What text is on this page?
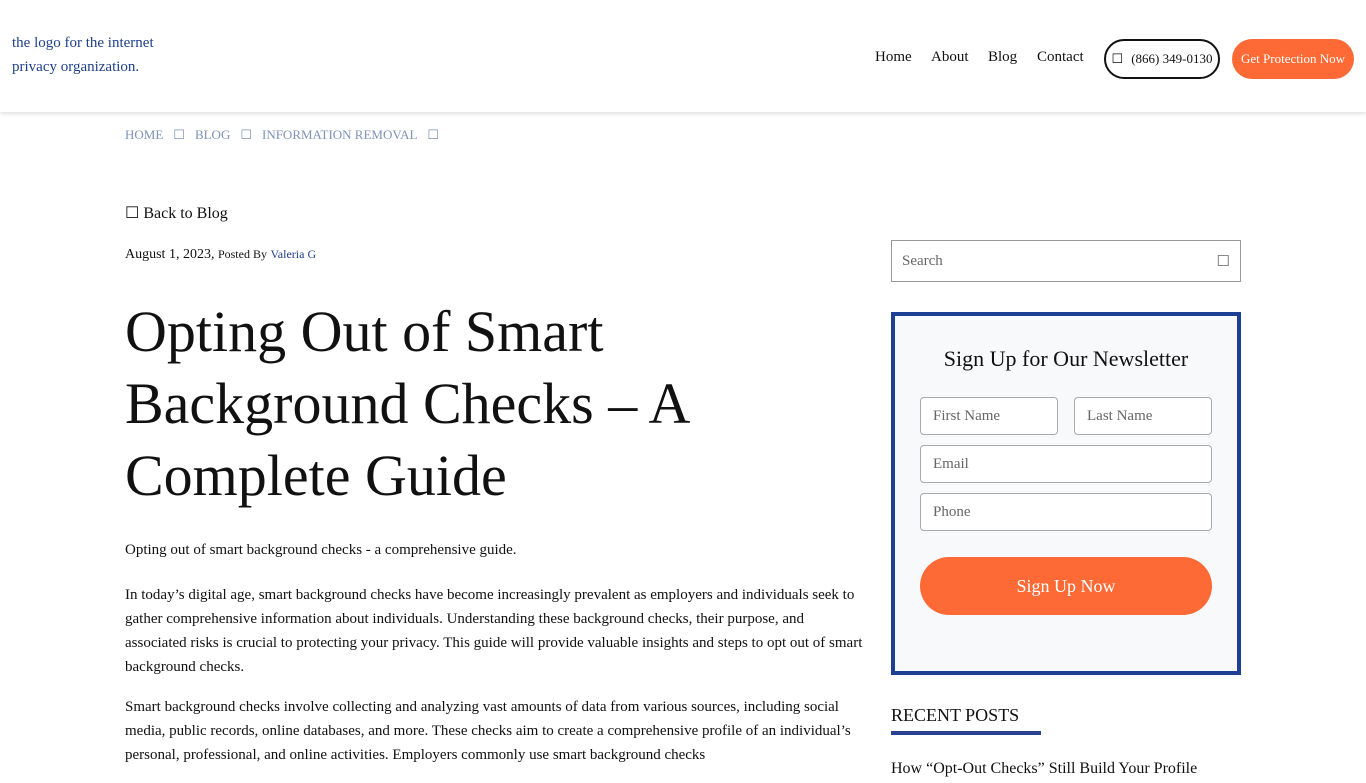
the logo for the internet privacy organization.
Home About Blog Contact ☐ (866) 349-0130	Get Protection Now
HOME ☐ BLOG ☐ INFORMATION REMOVAL ☐
☐ Back to Blog
August 1, 2023, Posted By Valeria G
Opting Out of Smart Background Checks – A Complete Guide
Opting out of smart background checks - a comprehensive guide.

In today’s digital age, smart background checks have become increasingly prevalent as employers and individuals seek to gather comprehensive information about individuals. Understanding these background checks, their purpose, and associated risks is crucial to protecting your privacy. This guide will provide valuable insights and steps to opt out of smart background checks.

Smart background checks involve collecting and analyzing vast amounts of data from various sources, including social media, public records, online databases, and more. These checks aim to create a comprehensive profile of an individual’s personal, professional, and online activities. Employers commonly use smart background checks

Search	☐
Sign Up for Our Newsletter
First Name	Last Name
Email
Phone
Sign Up Now
RECENT POSTS
How “Opt-Out Checks” Still Build Your Profile
